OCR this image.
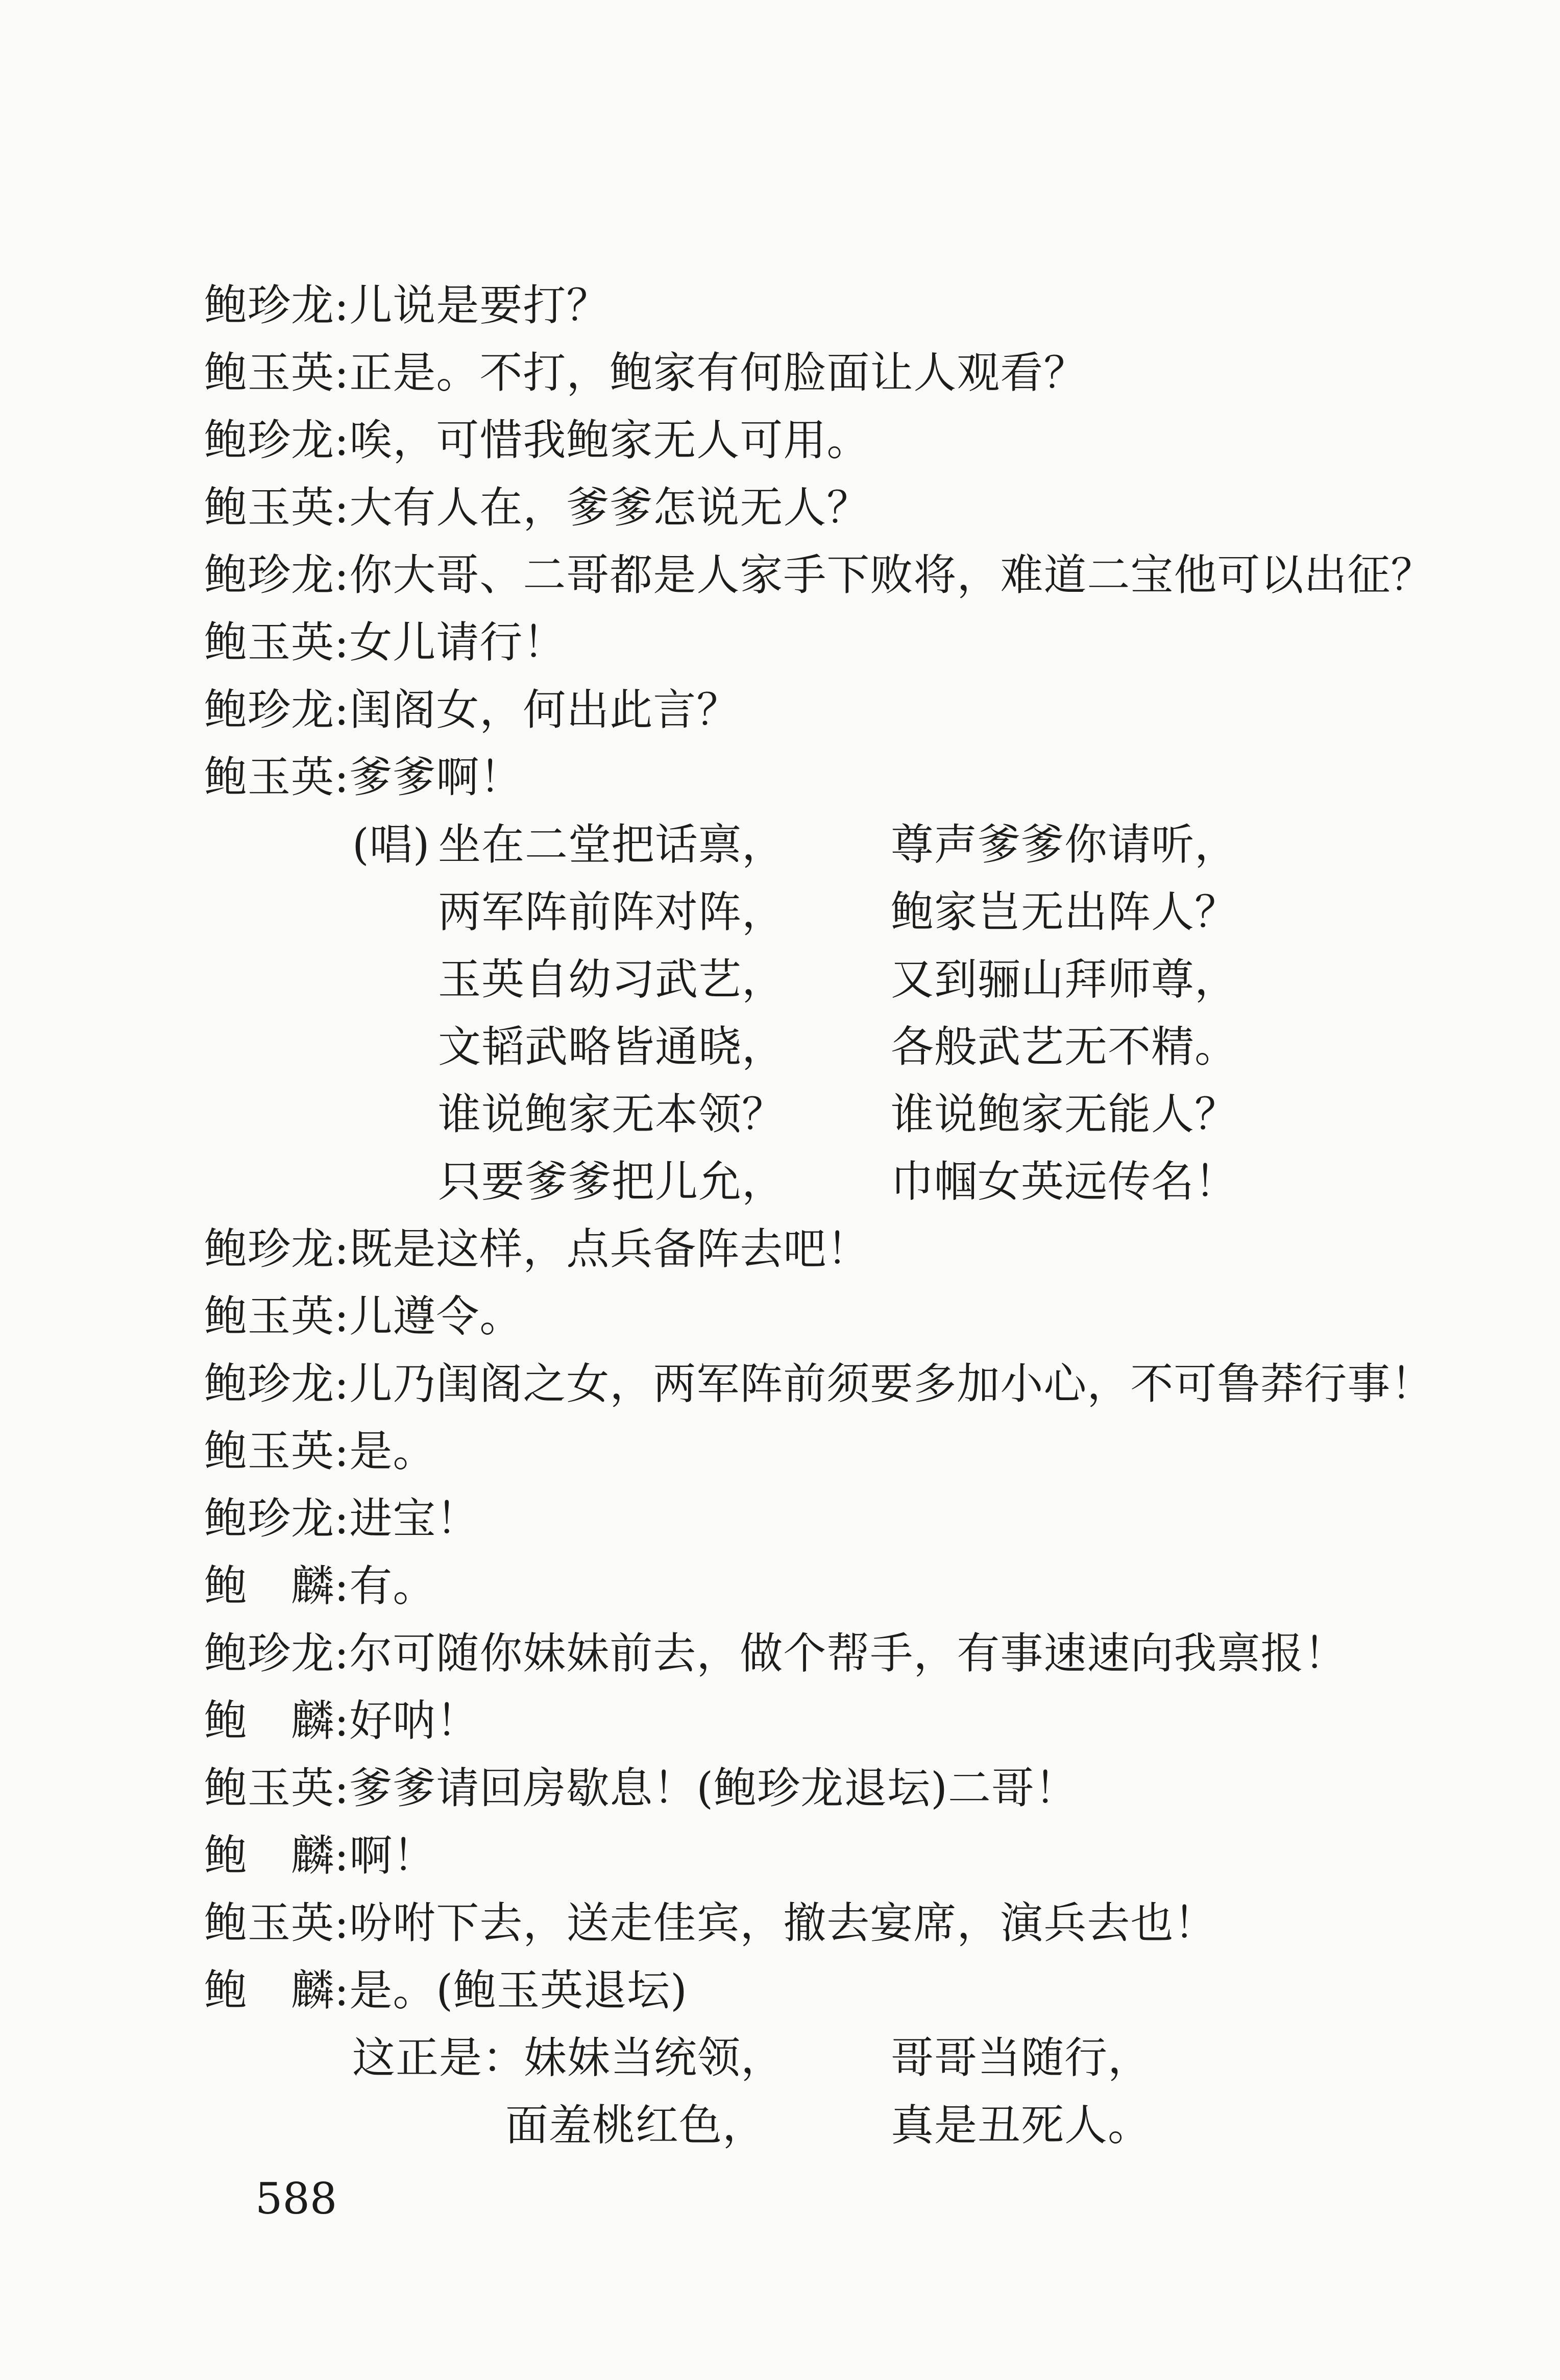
鲍珍龙:儿说是要打？
鲍玉英:正是。不打，鲍家有何脸面让人观看？
鲍珍龙:唉，可惜我鲍家无人可用。
鲍玉英:大有人在，爹爹怎说无人？
鲍珍龙:你大哥、二哥都是人家手下败将，难道二宝他可以出征？
鲍玉英:女儿请行！
鲍珍龙:闺阁女，何出此言？
鲍玉英:爹爹啊！
(唱) 坐在二堂把话禀， 尊声爹爹你请听，
两军阵前阵对阵， 鲍家岂无出阵人？
玉英自幼习武艺， 又到骊山拜师尊，
文韬武略皆通晓， 各般武艺无不精。
谁说鲍家无本领？ 谁说鲍家无能人？
只要爹爹把儿允， 巾帼女英远传名！
鲍珍龙:既是这样，点兵备阵去吧！
鲍玉英:儿遵令。
鲍珍龙:儿乃闺阁之女，两军阵前须要多加小心，不可鲁莽行事！
鲍玉英:是。
鲍珍龙:进宝！
鲍　麟:有。
鲍珍龙:尔可随你妹妹前去，做个帮手，有事速速向我禀报！
鲍　麟:好呐！
鲍玉英:爹爹请回房歇息！(鲍珍龙退坛)二哥！
鲍　麟:啊！
鲍玉英:吩咐下去，送走佳宾，撤去宴席，演兵去也！
鲍　麟:是。(鲍玉英退坛)
这正是：
妹妹当统领， 哥哥当随行，
面羞桃红色，	真是丑死人。
588
